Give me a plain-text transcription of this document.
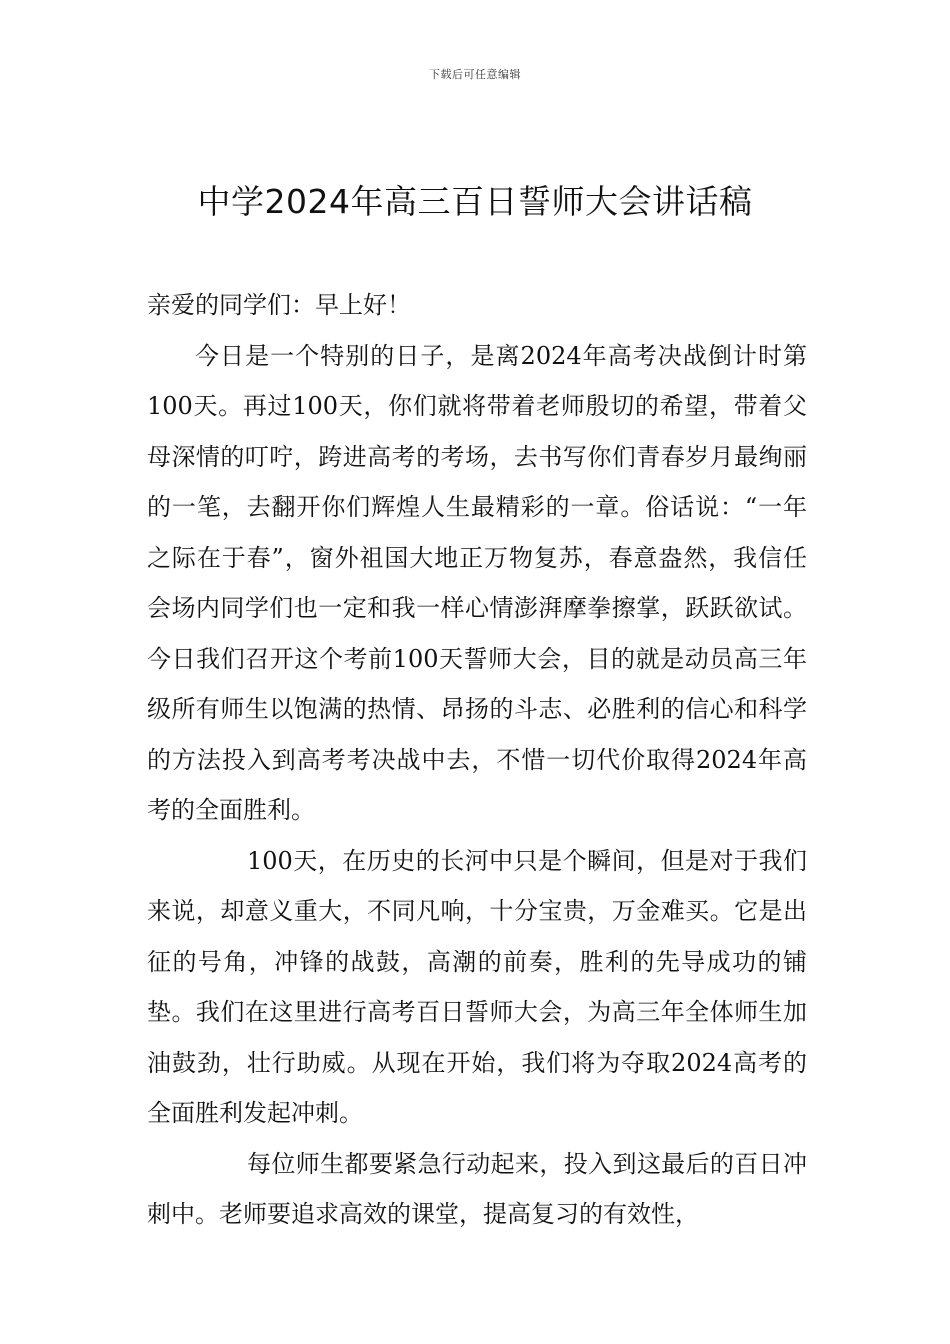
下载后可任意编辑
中学2024年高三百日誓师大会讲话稿

亲爱的同学们：早上好！

今日是一个特别的日子，是离2024年高考决战倒计时第100天。再过100天，你们就将带着老师殷切的希望，带着父母深情的叮咛，跨进高考的考场，去书写你们青春岁月最绚丽的一笔，去翻开你们辉煌人生最精彩的一章。俗话说：“一年之际在于春”，窗外祖国大地正万物复苏，春意盎然，我信任会场内同学们也一定和我一样心情澎湃摩拳擦掌，跃跃欲试。今日我们召开这个考前100天誓师大会，目的就是动员高三年级所有师生以饱满的热情、昂扬的斗志、必胜利的信心和科学的方法投入到高考考决战中去，不惜一切代价取得2024年高考的全面胜利。

100天，在历史的长河中只是个瞬间，但是对于我们来说，却意义重大，不同凡响，十分宝贵，万金难买。它是出征的号角，冲锋的战鼓，高潮的前奏，胜利的先导成功的铺垫。我们在这里进行高考百日誓师大会，为高三年全体师生加油鼓劲，壮行助威。从现在开始，我们将为夺取2024高考的全面胜利发起冲刺。

每位师生都要紧急行动起来，投入到这最后的百日冲刺中。老师要追求高效的课堂，提高复习的有效性，
